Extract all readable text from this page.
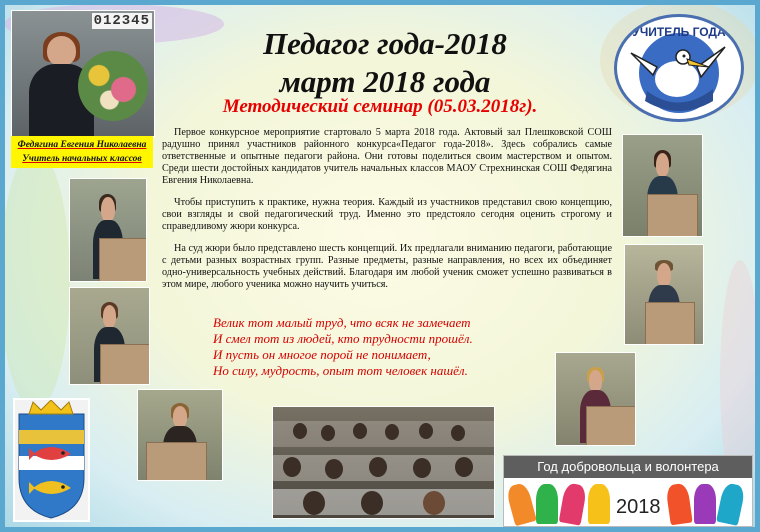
012345
Федягина Евгения Николаевна
Учитель начальных классов
Педагог года-2018
март 2018 года
Методический семинар (05.03.2018г).
УЧИТЕЛЬ ГОДА

Первое конкурсное мероприятие стартовало 5 марта 2018 года. Актовый зал Плешковской СОШ радушно принял участников районного конкурса«Педагог года-2018». Здесь собрались самые ответственные и опытные педагоги района. Они готовы поделиться своим мастерством и опытом. Среди шести достойных кандидатов учитель начальных классов МАОУ Стрехнинская СОШ Федягина Евгения Николаевна.

Чтобы приступить к практике, нужна теория. Каждый из участников представил свою концепцию, свои взгляды и свой педагогический труд. Именно это предстояло сегодня оценить строгому и справедливому жюри конкурса.

На суд жюри было представлено шесть концепций. Их предлагали вниманию педагоги, работающие с детьми разных возрастных групп. Разные предметы, разные направления, но всех их объединяет одно-универсальность учебных действий. Благодаря им любой ученик сможет успешно развиваться в этом мире, любого ученика можно научить учиться.

Велик тот малый труд, что всяк не замечает
И смел тот из людей, кто трудности прошёл.
И пусть он многое порой не понимает,
Но силу, мудрость, опыт тот человек нашёл.
Год добровольца и волонтера
2018
